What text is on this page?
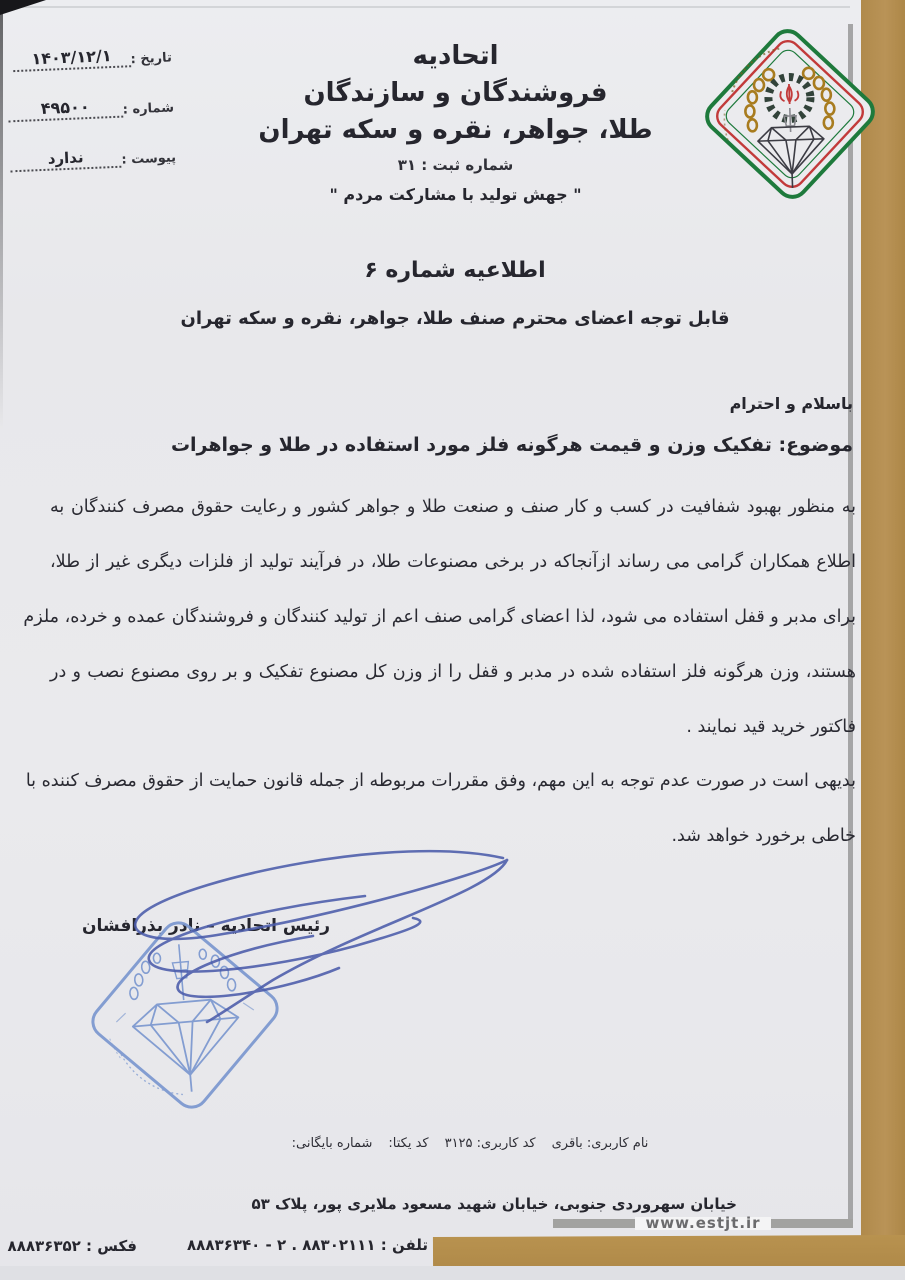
تاریخ :
۱۴۰۳/۱۲/۱
شماره :
۴۹۵۰۰
پیوست :
ندارد
اتحادیه
فروشندگان و سازندگان
طلا، جواهر، نقره و سکه تهران
شماره ثبت : ۳۱
" جهش تولید با مشارکت مردم "
اطلاعیه شماره ۶
قابل توجه اعضای محترم صنف طلا، جواهر، نقره و سکه تهران
باسلام و احترام
موضوع: تفکیک وزن و قیمت هرگونه فلز مورد استفاده در طلا و جواهرات
به منظور بهبود شفافیت در کسب و کار صنف و صنعت طلا و جواهر کشور و رعایت حقوق مصرف کنندگان به
اطلاع همکاران گرامی می رساند ازآنجاکه در برخی مصنوعات طلا، در فرآیند تولید از فلزات دیگری غیر از طلا،
برای مدبر و قفل استفاده می شود، لذا اعضای گرامی صنف اعم از تولید کنندگان و فروشندگان عمده و خرده، ملزم
هستند، وزن هرگونه فلز استفاده شده در مدبر و قفل را از وزن کل مصنوع تفکیک و بر روی مصنوع نصب و در
فاکتور خرید قید نمایند .
بدیهی است در صورت عدم توجه به این مهم، وفق مقررات مربوطه از جمله قانون حمایت از حقوق مصرف کننده با
خاطی برخورد خواهد شد.
رئیس اتحادیه – نادر بذرافشان
نام کاربری: باقری
کد کاربری: ۳۱۲۵
کد یکتا:
شماره بایگانی:
www.estjt.ir
خیابان سهروردی جنوبی، خیابان شهید مسعود ملایری پور، پلاک ۵۳
تلفن : ۸۸۳۰۲۱۱۱ . ۲ - ۸۸۸۳۶۳۴۰
فکس : ۸۸۸۳۶۳۵۲
